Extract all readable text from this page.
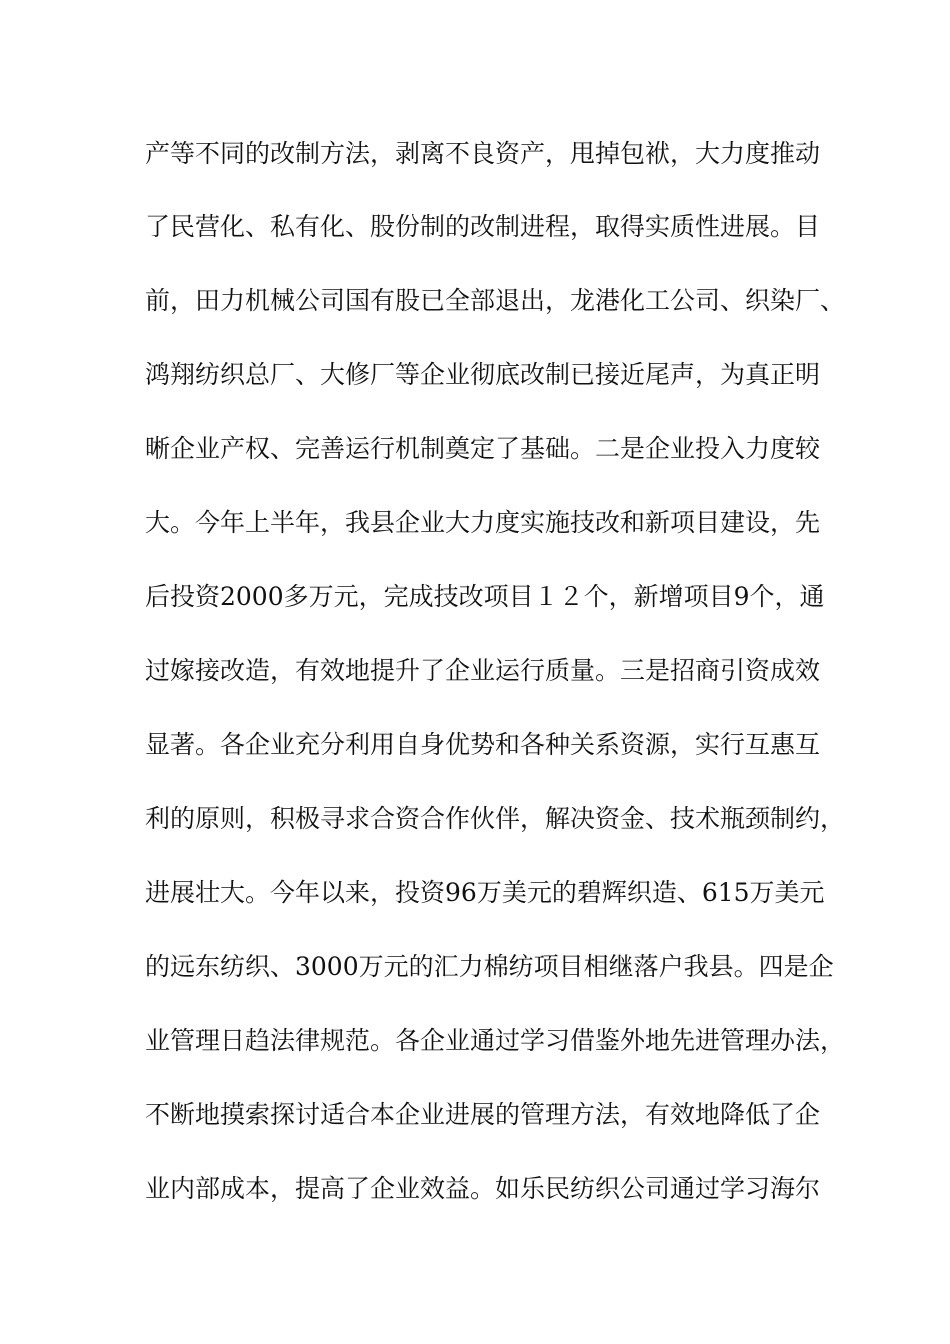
产等不同的改制方法，剥离不良资产，甩掉包袱，大力度推动
了民营化、私有化、股份制的改制进程，取得实质性进展。目
前，田力机械公司国有股已全部退出，龙港化工公司、织染厂、
鸿翔纺织总厂、大修厂等企业彻底改制已接近尾声，为真正明
晰企业产权、完善运行机制奠定了基础。二是企业投入力度较
大。今年上半年，我县企业大力度实施技改和新项目建设，先
后投资2000多万元，完成技改项目１２个，新增项目9个，通
过嫁接改造，有效地提升了企业运行质量。三是招商引资成效
显著。各企业充分利用自身优势和各种关系资源，实行互惠互
利的原则，积极寻求合资合作伙伴，解决资金、技术瓶颈制约，
进展壮大。今年以来，投资96万美元的碧辉织造、615万美元
的远东纺织、3000万元的汇力棉纺项目相继落户我县。四是企
业管理日趋法律规范。各企业通过学习借鉴外地先进管理办法，
不断地摸索探讨适合本企业进展的管理方法，有效地降低了企
业内部成本，提高了企业效益。如乐民纺织公司通过学习海尔
